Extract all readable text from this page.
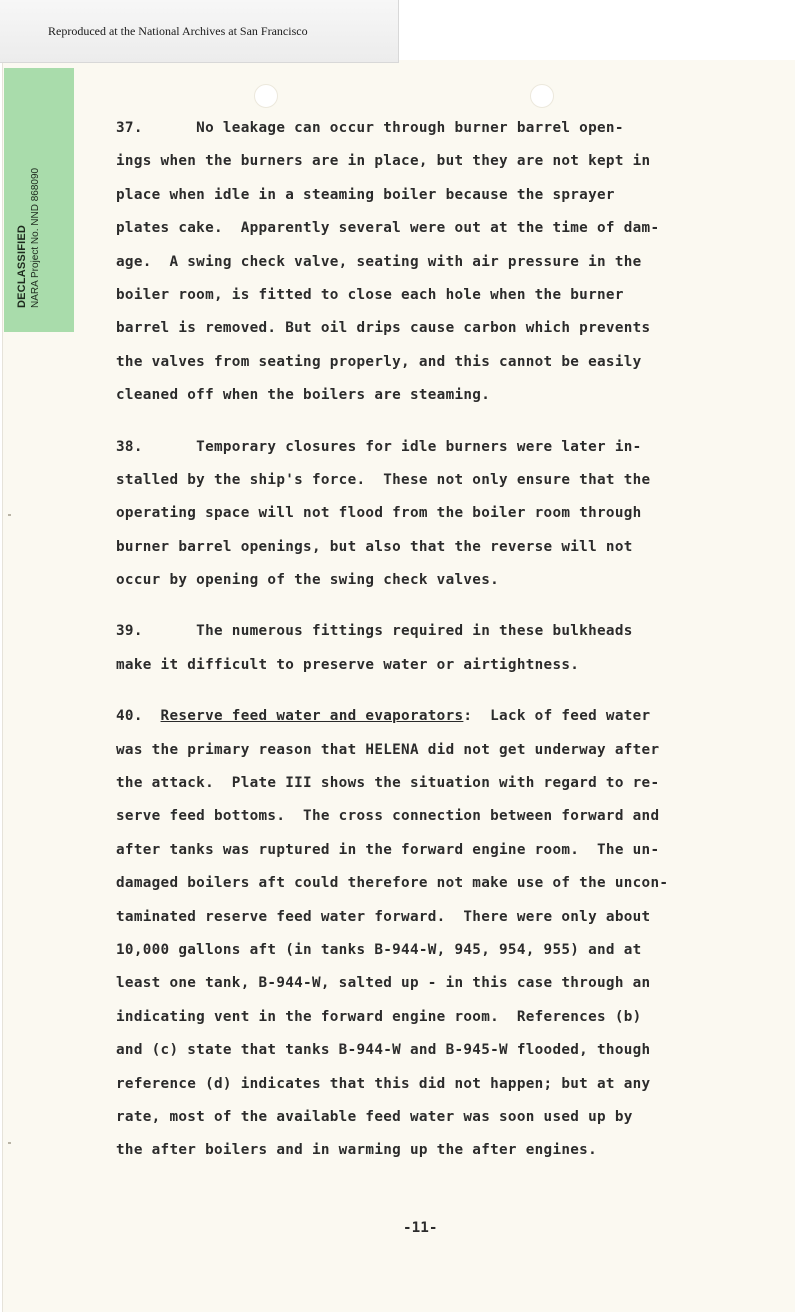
Reproduced at the National Archives at San Francisco
DECLASSIFIED NARA Project No. NND 868090
37.      No leakage can occur through burner barrel open-
ings when the burners are in place, but they are not kept in
place when idle in a steaming boiler because the sprayer
plates cake.  Apparently several were out at the time of dam-
age.  A swing check valve, seating with air pressure in the
boiler room, is fitted to close each hole when the burner
barrel is removed. But oil drips cause carbon which prevents
the valves from seating properly, and this cannot be easily
cleaned off when the boilers are steaming.
38.      Temporary closures for idle burners were later in-
stalled by the ship's force.  These not only ensure that the
operating space will not flood from the boiler room through
burner barrel openings, but also that the reverse will not
occur by opening of the swing check valves.
39.      The numerous fittings required in these bulkheads
make it difficult to preserve water or airtightness.
40.  Reserve feed water and evaporators:  Lack of feed water
was the primary reason that HELENA did not get underway after
the attack.  Plate III shows the situation with regard to re-
serve feed bottoms.  The cross connection between forward and
after tanks was ruptured in the forward engine room.  The un-
damaged boilers aft could therefore not make use of the uncon-
taminated reserve feed water forward.  There were only about
10,000 gallons aft (in tanks B-944-W, 945, 954, 955) and at
least one tank, B-944-W, salted up - in this case through an
indicating vent in the forward engine room.  References (b)
and (c) state that tanks B-944-W and B-945-W flooded, though
reference (d) indicates that this did not happen; but at any
rate, most of the available feed water was soon used up by
the after boilers and in warming up the after engines.
-11-
